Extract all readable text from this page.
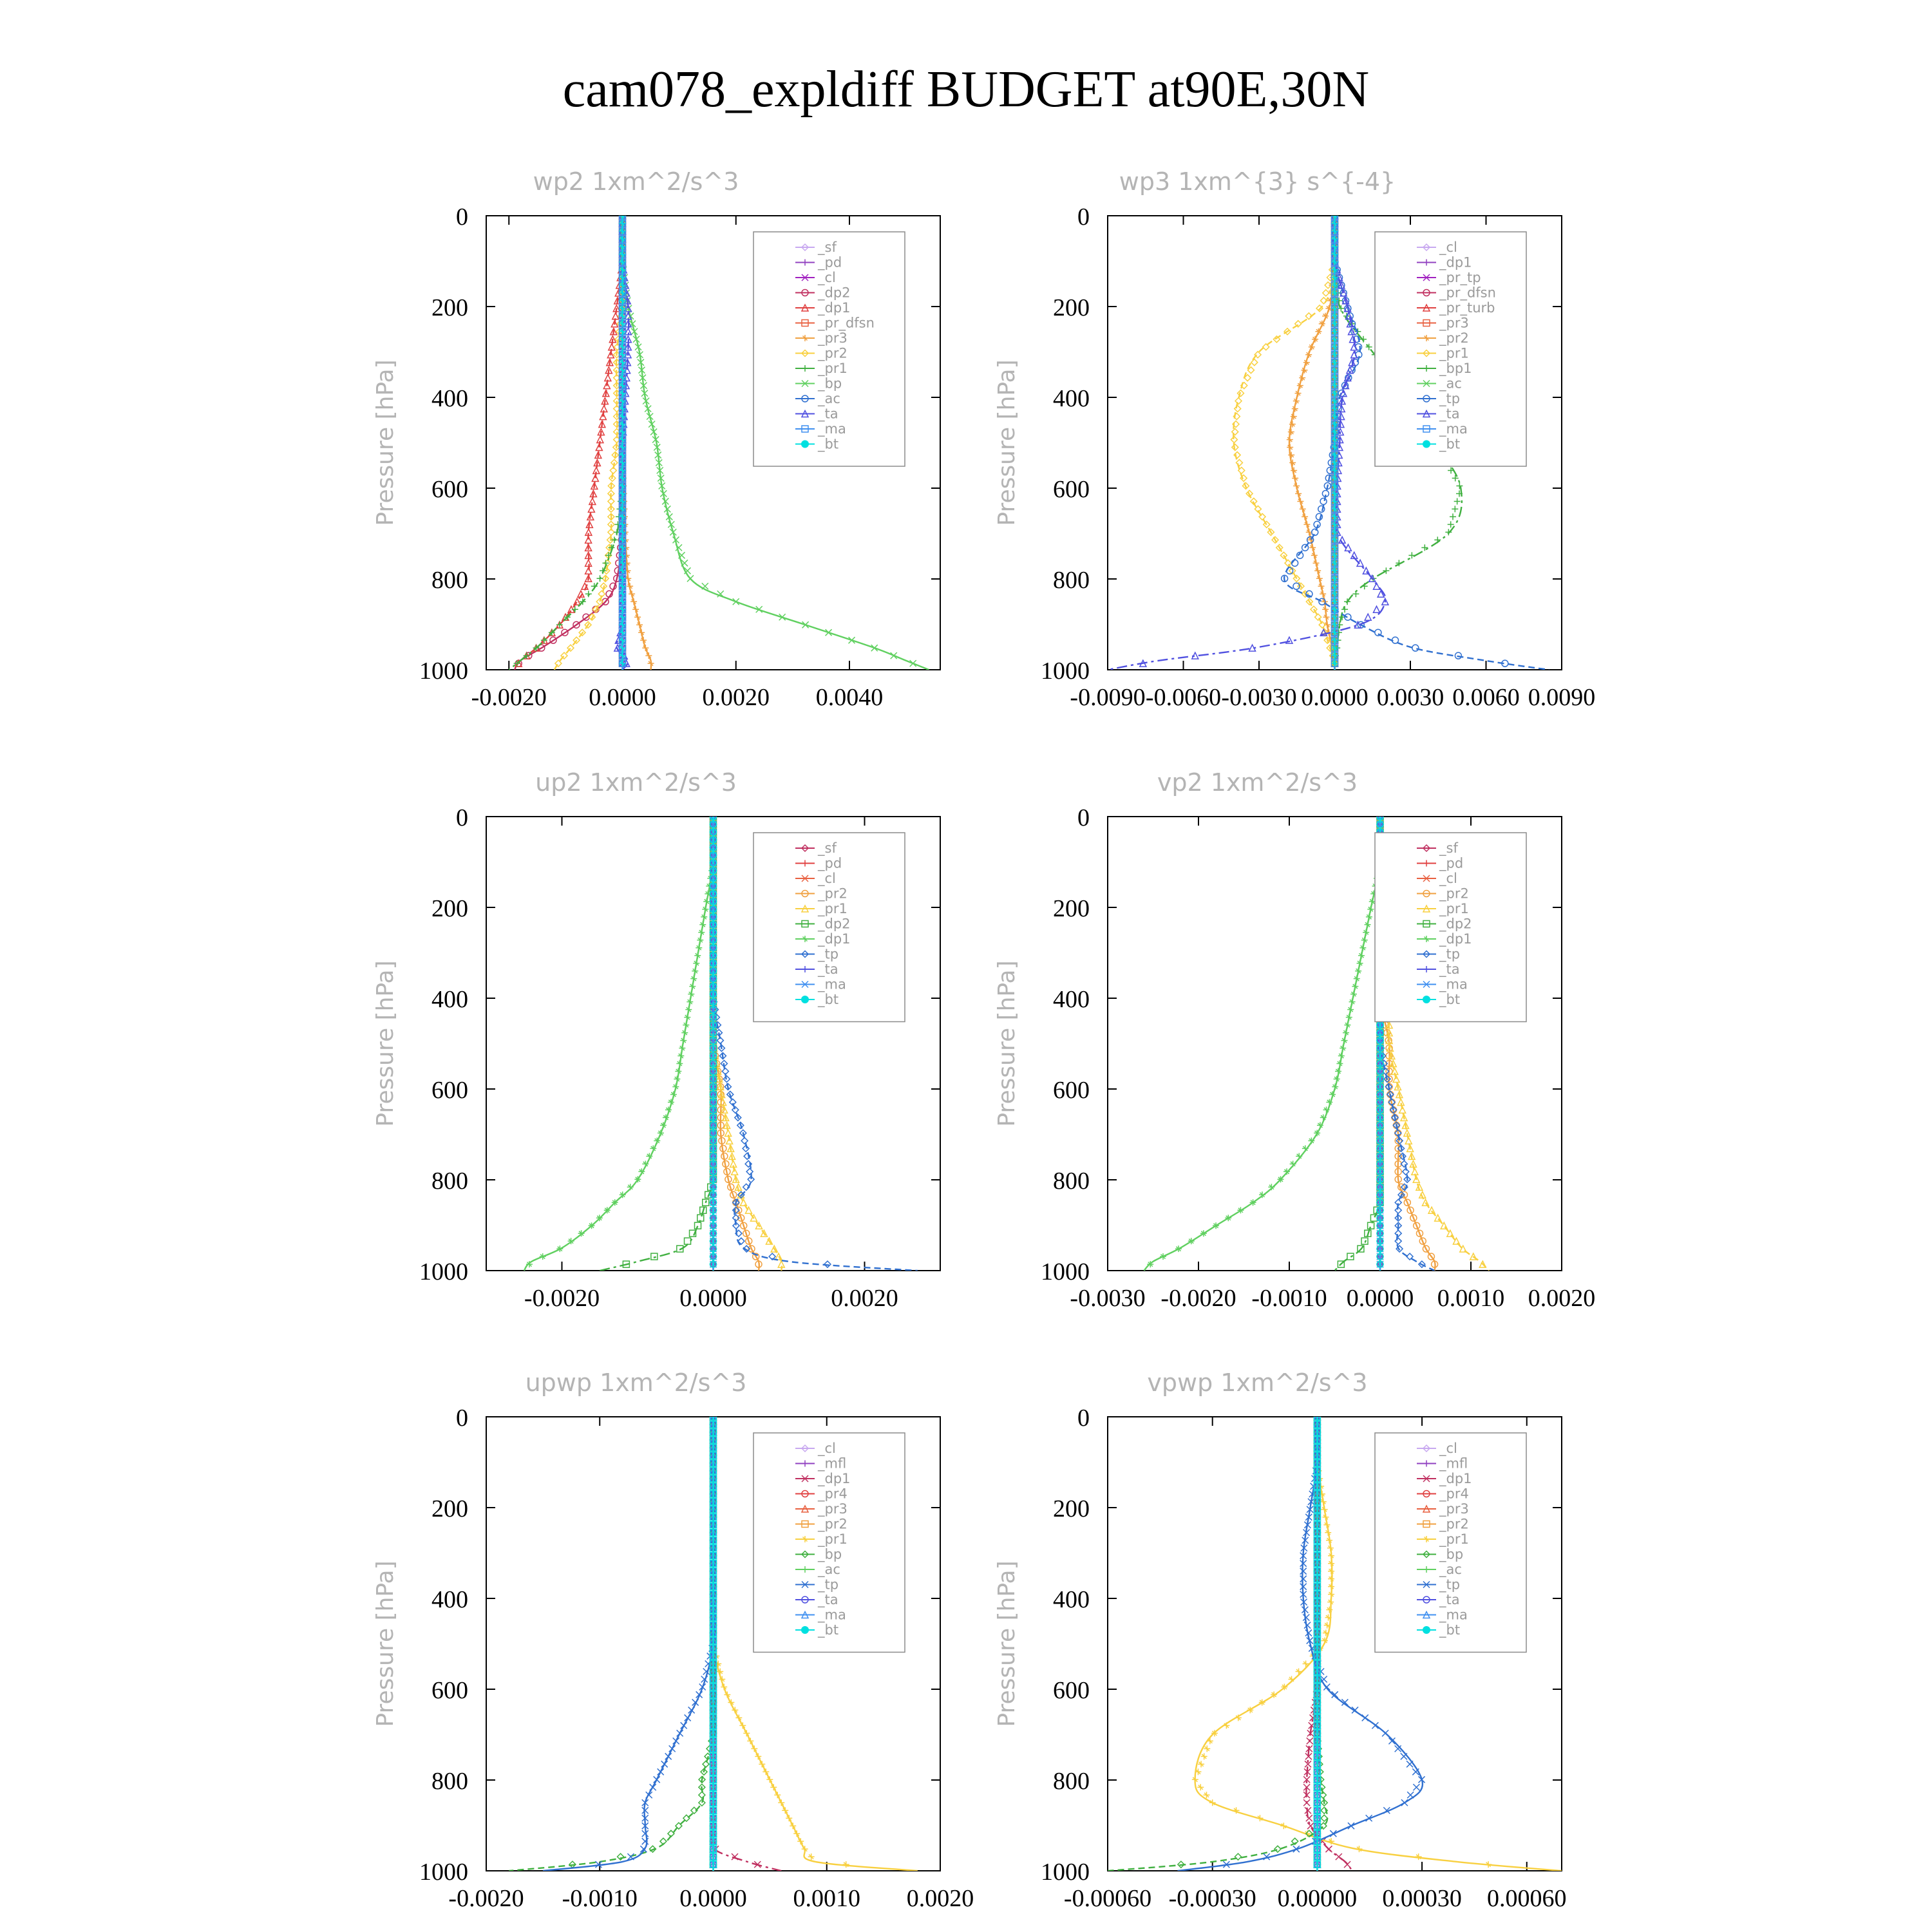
cam078_expldiff BUDGET at90E,30N
wp2 1xm^2/s^3
Pressure [hPa]
0
200
400
600
800
1000
-0.0020 0.0000 0.0020 0.0040
_sf
_pd
_cl
_dp2
_dp1
_pr_dfsn
_pr3
_pr2
_pr1
_bp
_ac
_ta
_ma
_bt
wp3 1xm^{3} s^{-4}
Pressure [hPa]
0
200
400
600
800
1000
-0.0090 -0.0060 -0.0030 0.0000 0.0030 0.0060 0.0090
_cl
_dp1
_pr_tp
_pr_dfsn
_pr_turb
_pr3
_pr2
_pr1
_bp1
_ac
_tp
_ta
_ma
_bt
up2 1xm^2/s^3
Pressure [hPa]
0
200
400
600
800
1000
-0.0020	0.0000	0.0020
_sf
_pd
_cl
_pr2
_pr1
_dp2
_dp1
_tp
_ta
_ma
_bt
vp2 1xm^2/s^3
Pressure [hPa]
0
200
400
600
800
1000
-0.0030 -0.0020 -0.0010 0.0000 0.0010 0.0020
_sf
_pd
_cl
_pr2
_pr1
_dp2
_dp1
_tp
_ta
_ma
_bt
upwp 1xm^2/s^3
Pressure [hPa]
0
200
400
600
800
1000
-0.0020 -0.0010 0.0000 0.0010 0.0020
_cl
_mfl
_dp1
_pr4
_pr3
_pr2
_pr1
_bp
_ac
_tp
_ta
_ma
_bt
vpwp 1xm^2/s^3
Pressure [hPa]
0
200
400
600
800
1000
-0.00060 -0.00030 0.00000 0.00030 0.00060
_cl
_mfl
_dp1
_pr4
_pr3
_pr2
_pr1
_bp
_ac
_tp
_ta
_ma
_bt
